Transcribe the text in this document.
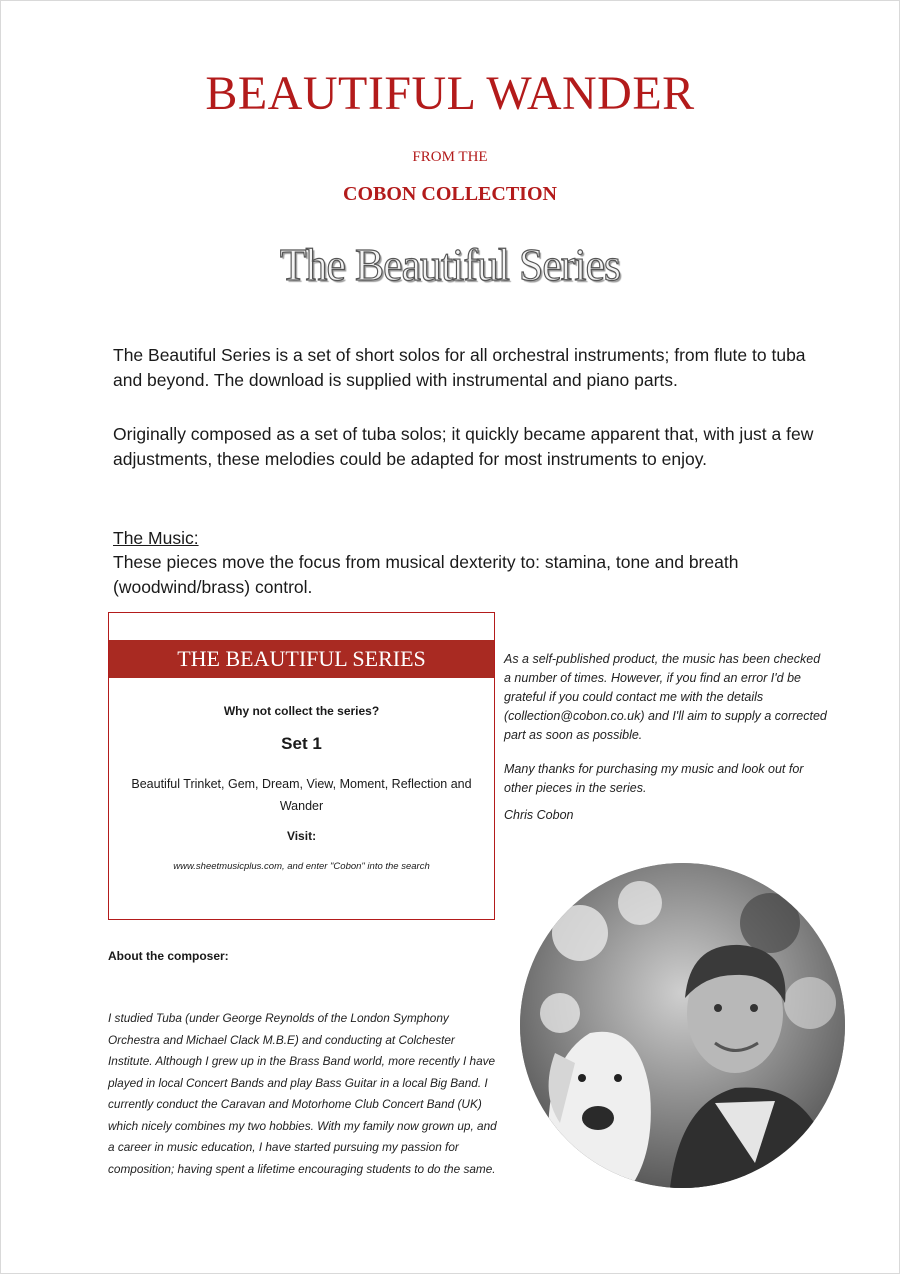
BEAUTIFUL WANDER
FROM THE
COBON COLLECTION
The Beautiful Series
The Beautiful Series is a set of short solos for all orchestral instruments; from flute to tuba and beyond. The download is supplied with instrumental and piano parts.
Originally composed as a set of tuba solos; it quickly became apparent that, with just a few adjustments, these melodies could be adapted for most instruments to enjoy.
The Music:
These pieces move the focus from musical dexterity to: stamina, tone and breath (woodwind/brass) control.
THE BEAUTIFUL SERIES
Why not collect the series?
Set 1
Beautiful Trinket, Gem, Dream, View, Moment, Reflection and Wander
Visit:
www.sheetmusicplus.com, and enter "Cobon" into the search
As a self-published product, the music has been checked a number of times. However, if you find an error I'd be grateful if you could contact me with the details (collection@cobon.co.uk) and I'll aim to supply a corrected part as soon as possible.
Many thanks for purchasing my music and look out for other pieces in the series.
Chris Cobon
About the composer:
I studied Tuba (under George Reynolds of the London Symphony Orchestra and Michael Clack M.B.E) and conducting at Colchester Institute. Although I grew up in the Brass Band world, more recently I have played in local Concert Bands and play Bass Guitar in a local Big Band. I currently conduct the Caravan and Motorhome Club Concert Band (UK) which nicely combines my two hobbies. With my family now grown up, and a career in music education, I have started pursuing my passion for composition; having spent a lifetime encouraging students to do the same.
